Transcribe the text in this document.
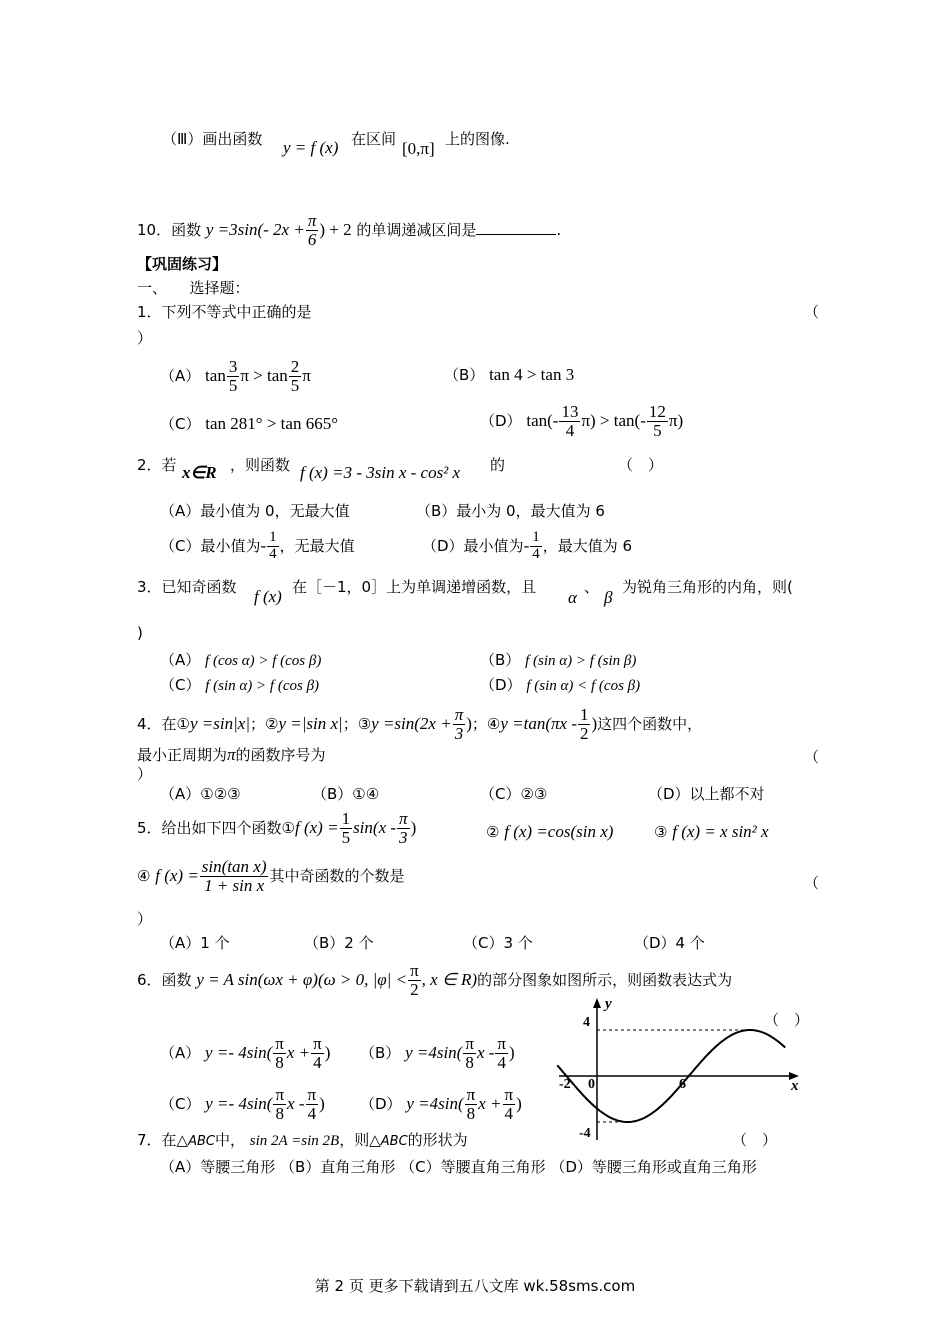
（Ⅲ）画出函数 y = f (x) 在区间 [0,π] 上的图像.
10．函数 y =3sin(- $2x + \frac{\pi}{6}$ ) + 2 的单调递减区间是	.
【巩固练习】
一、　　选择题：
1．下列不等式中正确的是	（
）
（A） $\tan \frac{3}{5}$ $\pi > \tan \frac{2}{5}$ π	（B） tan 4 > tan 3
（C） tan 281° > tan 665°	（D） $\tan(- \frac{13}{4} \pi) > \tan(- \frac{12}{5} \pi)$
2．若 x∈R ，则函数 f (x) =3 - 3sin x - cos² x 的	（　）
（A）最小值为 0，无最大值	（B）最小为 0，最大值为 6
（C）最小值为- $\frac{1}{4}$ ，无最大值	（D）最小值为- $\frac{1}{4}$ ，最大值为 6
3．已知奇函数 f (x) 在［－1，0］上为单调递增函数，且
α
、
β
为锐角三角形的内角，则(
)
（A） f (cos α) > f (cos β)	（B） f (sin α) > f (sin β)
（C） f (sin α) > f (cos β)	（D） f (sin α) < f (cos β)
4．在①y =sin|x|；②y =|sin x|；③y $=\sin(2x + \frac{\pi}{3}$ )；④y $=\tan(\pi x - \frac{1}{2}$ )这四个函数中，
最小正周期为π的函数序号为	（
）
（A）①②③	（B）①④	（C）②③	（D）以上都不对
5．给出如下四个函数①f $(x) = \frac{1}{5} \sin(x - \frac{\pi}{3}$ )	② f (x) =cos(sin x)	③ f (x) = x sin² x
④ f $(x) = \frac{\text{sin(tan x)}}{\text{1 + sin x}}$ 其中奇函数的个数是	（
）
（A）1 个	（B）2 个	（C）3 个	（D）4 个
6．函数 y = A sin(ωx + φ)(ω > 0, $|\varphi| < \frac{\pi}{2}$ , x ∈ R)的部分图象如图所示，则函数表达式为
（　）
（A） $y =- 4\sin( \frac{\pi}{8}$ $x + \frac{\pi}{4}$ ) （B） $y =4\sin( \frac{\pi}{8}$ x - $\frac{\pi}{4}$ )
（C） $y =- 4\sin( \frac{\pi}{8}$ x - $\frac{\pi}{4}$ ) （D） $y =4\sin( \frac{\pi}{8}$ $x + \frac{\pi}{4}$ )
y
x
4
-4
-2 0	6
7．在△ABC中， sin 2A =sin 2B，则△ABC的形状为	（　）
（A）等腰三角形 （B）直角三角形 （C）等腰直角三角形 （D）等腰三角形或直角三角形
第 2 页 更多下载请到五八文库 wk.58sms.com
